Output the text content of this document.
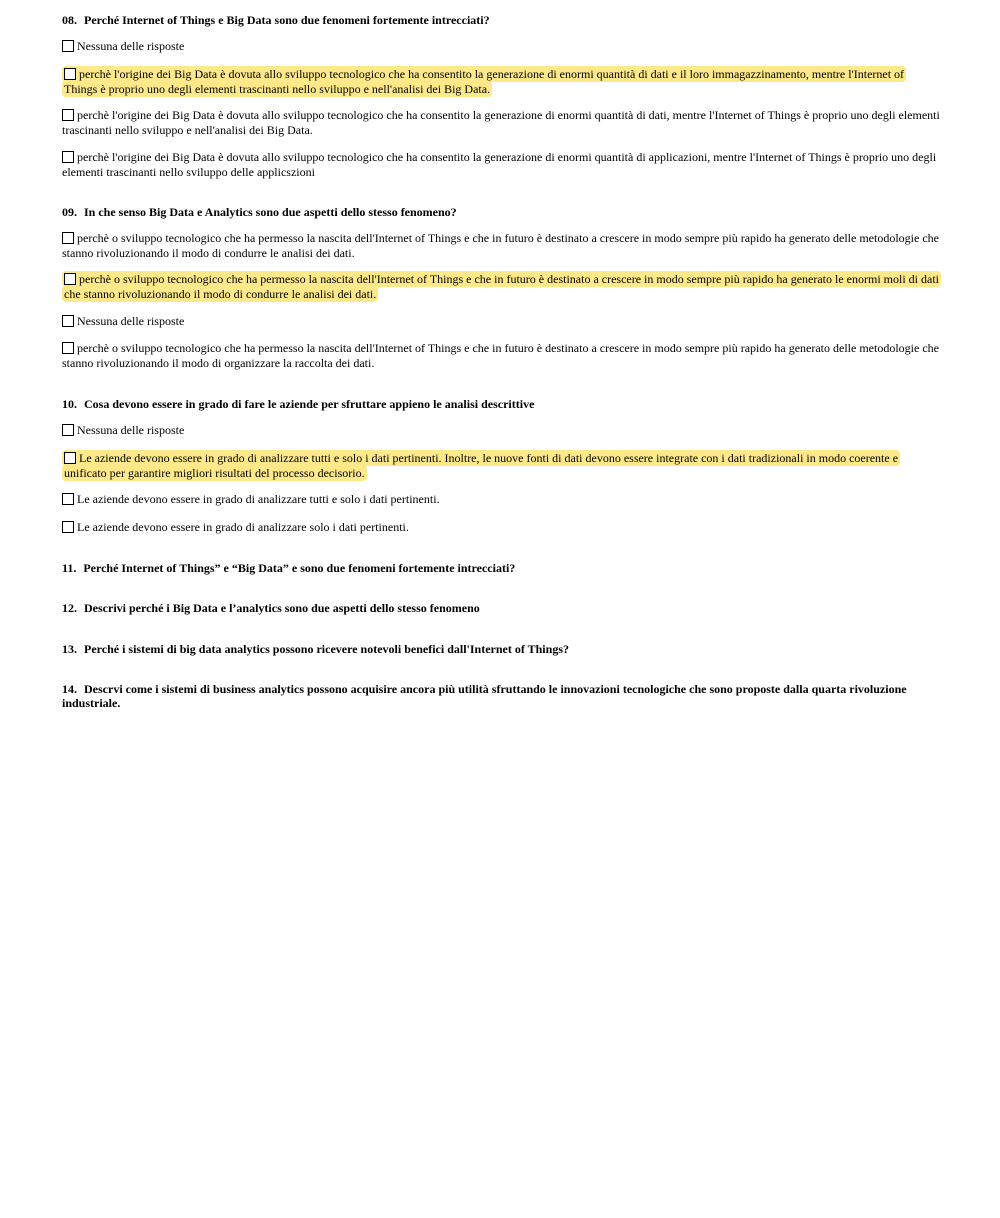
08. Perché Internet of Things e Big Data sono due fenomeni fortemente intrecciati?
Nessuna delle risposte
perchè l'origine dei Big Data è dovuta allo sviluppo tecnologico che ha consentito la generazione di enormi quantità di dati e il loro immagazzinamento, mentre l'Internet of Things è proprio uno degli elementi trascinanti nello sviluppo e nell'analisi dei Big Data.
perchè l'origine dei Big Data è dovuta allo sviluppo tecnologico che ha consentito la generazione di enormi quantità di dati, mentre l'Internet of Things è proprio uno degli elementi trascinanti nello sviluppo e nell'analisi dei Big Data.
perchè l'origine dei Big Data è dovuta allo sviluppo tecnologico che ha consentito la generazione di enormi quantità di applicazioni, mentre l'Internet of Things è proprio uno degli elementi trascinanti nello sviluppo delle applicszioni
09. In che senso Big Data e Analytics sono due aspetti dello stesso fenomeno?
perchè o sviluppo tecnologico che ha permesso la nascita dell'Internet of Things e che in futuro è destinato a crescere in modo sempre più rapido ha generato delle metodologie che stanno rivoluzionando il modo di condurre le analisi dei dati.
perchè o sviluppo tecnologico che ha permesso la nascita dell'Internet of Things e che in futuro è destinato a crescere in modo sempre più rapido ha generato le enormi moli di dati che stanno rivoluzionando il modo di condurre le analisi dei dati.
Nessuna delle risposte
perchè o sviluppo tecnologico che ha permesso la nascita dell'Internet of Things e che in futuro è destinato a crescere in modo sempre più rapido ha generato delle metodologie che stanno rivoluzionando il modo di organizzare la raccolta dei dati.
10. Cosa devono essere in grado di fare le aziende per sfruttare appieno le analisi descrittive
Nessuna delle risposte
Le aziende devono essere in grado di analizzare tutti e solo i dati pertinenti. Inoltre, le nuove fonti di dati devono essere integrate con i dati tradizionali in modo coerente e unificato per garantire migliori risultati del processo decisorio.
Le aziende devono essere in grado di analizzare tutti e solo i dati pertinenti.
Le aziende devono essere in grado di analizzare solo i dati pertinenti.
11. Perché Internet of Things” e “Big Data” e sono due fenomeni fortemente intrecciati?
12. Descrivi perché i Big Data e l’analytics sono due aspetti dello stesso fenomeno
13. Perché i sistemi di big data analytics possono ricevere notevoli benefici dall'Internet of Things?
14. Descrvi come i sistemi di business analytics possono acquisire ancora più utilità sfruttando le innovazioni tecnologiche che sono proposte dalla quarta rivoluzione industriale.
